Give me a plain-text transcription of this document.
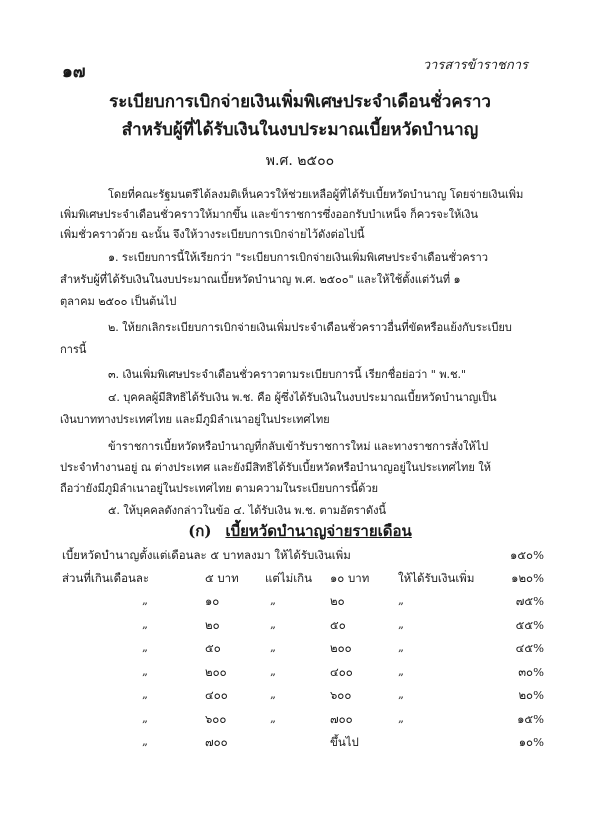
๑๗	วารสารข้าราชการ
ระเบียบการเบิกจ่ายเงินเพิ่มพิเศษประจำเดือนชั่วคราว
สำหรับผู้ที่ได้รับเงินในงบประมาณเบี้ยหวัดบำนาญ
พ.ศ. ๒๕๐๐
โดยที่คณะรัฐมนตรีได้ลงมติเห็นควรให้ช่วยเหลือผู้ที่ได้รับเบี้ยหวัดบำนาญ โดยจ่ายเงินเพิ่ม
เพิ่มพิเศษประจำเดือนชั่วคราวให้มากขึ้น และข้าราชการซึ่งออกรับบำเหน็จ ก็ควรจะให้เงิน
เพิ่มชั่วคราวด้วย ฉะนั้น จึงให้วางระเบียบการเบิกจ่ายไว้ดังต่อไปนี้
๑. ระเบียบการนี้ให้เรียกว่า "ระเบียบการเบิกจ่ายเงินเพิ่มพิเศษประจำเดือนชั่วคราว
สำหรับผู้ที่ได้รับเงินในงบประมาณเบี้ยหวัดบำนาญ พ.ศ. ๒๕๐๐" และให้ใช้ตั้งแต่วันที่ ๑
ตุลาคม ๒๕๐๐ เป็นต้นไป
๒. ให้ยกเลิกระเบียบการเบิกจ่ายเงินเพิ่มประจำเดือนชั่วคราวอื่นที่ขัดหรือแย้งกับระเบียบ
การนี้
๓. เงินเพิ่มพิเศษประจำเดือนชั่วคราวตามระเบียบการนี้ เรียกชื่อย่อว่า " พ.ช."
๔. บุคคลผู้มีสิทธิได้รับเงิน พ.ช. คือ ผู้ซึ่งได้รับเงินในงบประมาณเบี้ยหวัดบำนาญเป็น
เงินบาททางประเทศไทย และมีภูมิลำเนาอยู่ในประเทศไทย
ข้าราชการเบี้ยหวัดหรือบำนาญที่กลับเข้ารับราชการใหม่ และทางราชการสั่งให้ไป
ประจำทำงานอยู่ ณ ต่างประเทศ และยังมีสิทธิได้รับเบี้ยหวัดหรือบำนาญอยู่ในประเทศไทย ให้
ถือว่ายังมีภูมิลำเนาอยู่ในประเทศไทย ตามความในระเบียบการนี้ด้วย
๕. ให้บุคคลดังกล่าวในข้อ ๔. ได้รับเงิน พ.ช. ตามอัตราดังนี้
(ก) เบี้ยหวัดบำนาญจ่ายรายเดือน
เบี้ยหวัดบำนาญตั้งแต่เดือนละ ๕ บาทลงมา ให้ได้รับเงินเพิ่ม	๑๕๐%
ส่วนที่เกินเดือนละ	๕ บาท แต่ไม่เกิน ๑๐ บาท ให้ได้รับเงินเพิ่ม	๑๒๐%
„	๑๐	„	๒๐	„	๗๕%
„	๒๐	„	๕๐	„	๕๕%
„	๕๐	„	๒๐๐	„	๔๕%
„	๒๐๐	„	๔๐๐	„	๓๐%
„	๔๐๐	„	๖๐๐	„	๒๐%
„	๖๐๐	„	๗๐๐	„	๑๕%
„	๗๐๐	ขึ้นไป	๑๐%
